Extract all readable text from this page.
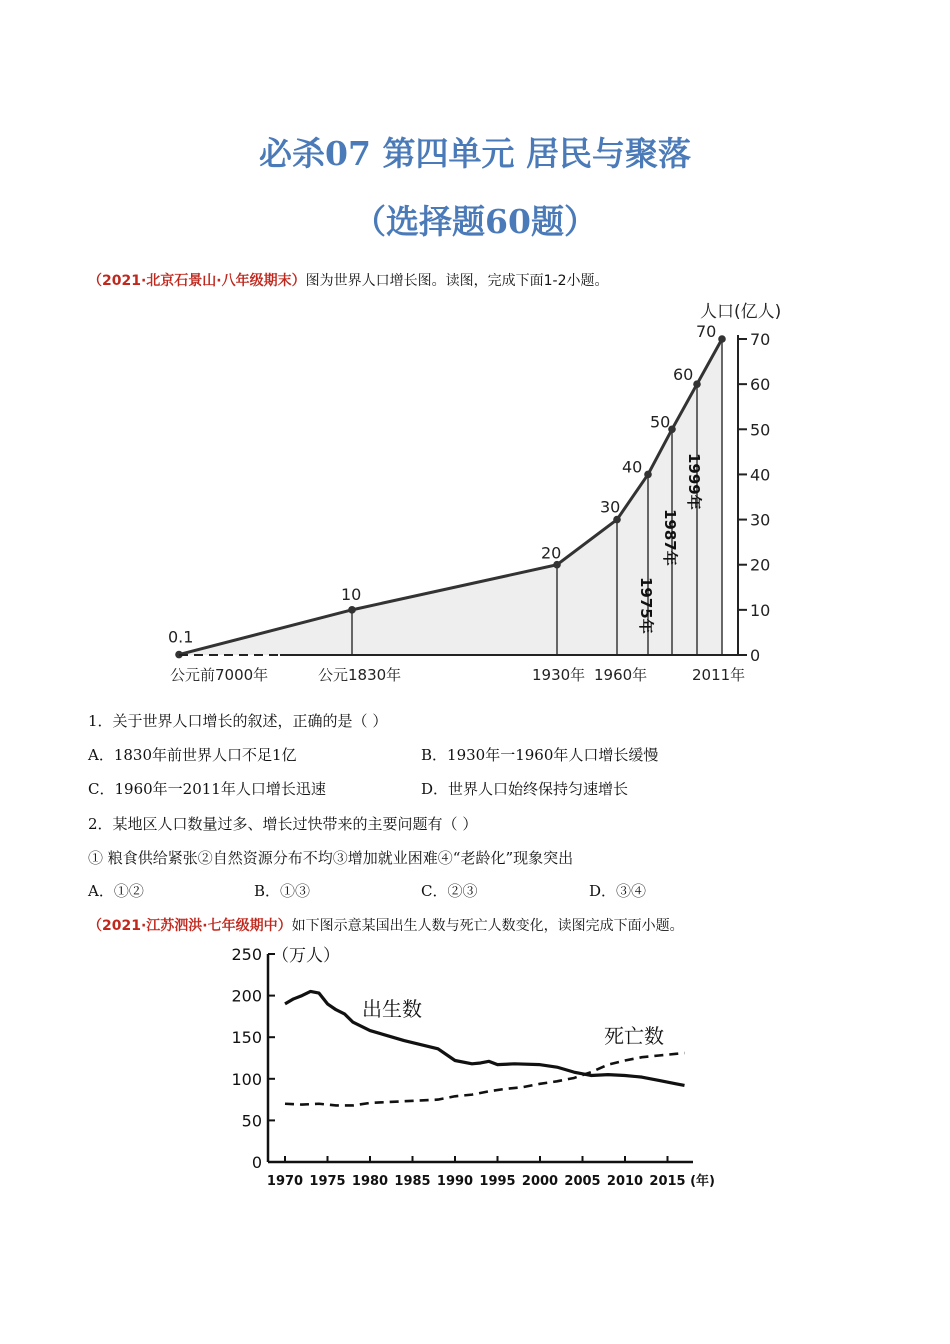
必杀07 第四单元 居民与聚落
（选择题60题）
（2021·北京石景山·八年级期末）图为世界人口增长图。读图，完成下面1-2小题。
70
60
50
40
30
20
10
0
人口(亿人)
0.1
10
20
30
40
50
60
70
公元前7000年	公元1830年	1930年 1960年	2011年
1975年
1987年
1999年
1．关于世界人口增长的叙述，正确的是（ ）
A．1830年前世界人口不足1亿	B．1930年一1960年人口增长缓慢
C．1960年一2011年人口增长迅速	D．世界人口始终保持匀速增长
2．某地区人口数量过多、增长过快带来的主要问题有（ ）
① 粮食供给紧张②自然资源分布不均③增加就业困难④“老龄化”现象突出
A．①②	B．①③	C．②③	D．③④
（2021·江苏泗洪·七年级期中）如下图示意某国出生人数与死亡人数变化，读图完成下面小题。
250
200
150
100
50
0
1970 1975 1980 1985 1990 1995 2000 2005 2010 2015 (年)
（万人）
出生数
死亡数
